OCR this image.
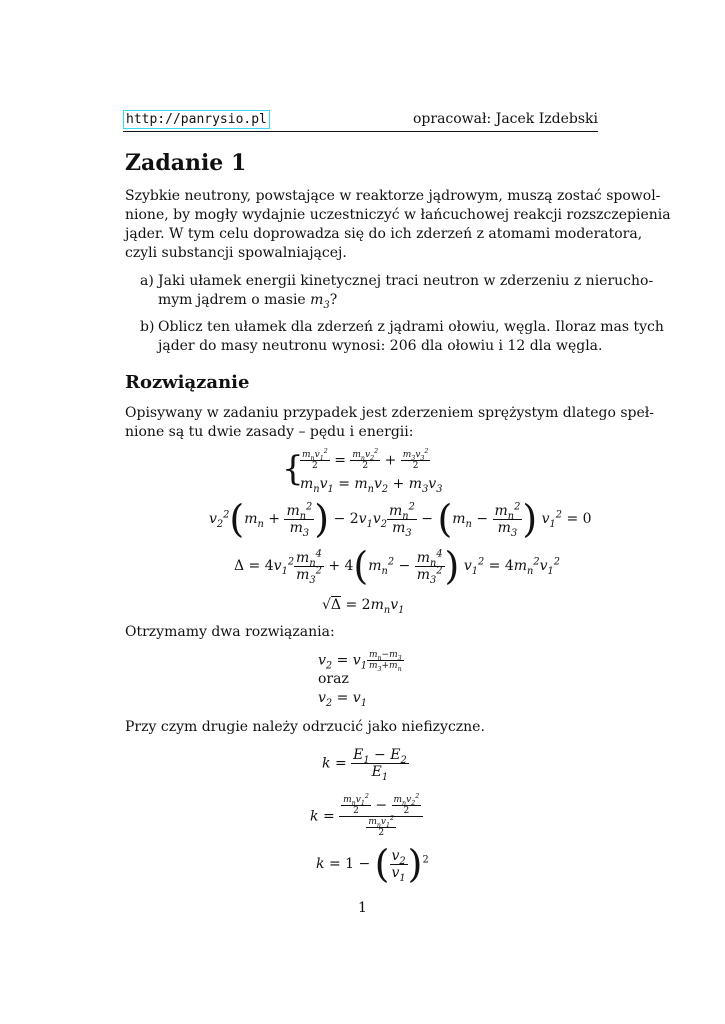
http://panrysio.pl	opracował: Jacek Izdebski
Zadanie 1
Szybkie neutrony, powstające w reaktorze jądrowym, muszą zostać spowol-
nione, by mogły wydajnie uczestniczyć w łańcuchowej reakcji rozszczepienia
jąder. W tym celu doprowadza się do ich zderzeń z atomami moderatora,
czyli substancji spowalniającej.
a) Jaki ułamek energii kinetycznej traci neutron w zderzeniu z nierucho-
mym jądrem o masie $m_3$?
b) Oblicz ten ułamek dla zderzeń z jądrami ołowiu, węgla. Iloraz mas tych
jąder do masy neutronu wynosi: 206 dla ołowiu i 12 dla węgla.
Rozwiązanie
Opisywany w zadaniu przypadek jest zderzeniem sprężystym dlatego speł-
nione są tu dwie zasady – pędu i energii:
{
$m_nv_1^2$
2	= $m_nv_2^2$
2	+ $\frac{m_3v_3^2}{2}$
$m_nv_1 = m_nv_2 + m_3v_3$
$v_2^2(m_n + \frac{m_n^2}{m_3}$ ) − $2v_1v_2 \frac{m_n^2}{m_3} - (m_n - \frac{m_n^2}{m_3}$ ) $v_1^2 = 0$
$\Delta = 4v_1^2 \frac{m_n^4}{m_3^2} + 4(m_n^2 - \frac{m_n^4}{m_3^2}$ ) $v_1^2 = 4m_n^2v_1^2$
$√\Delta = 2m_nv_1$
Otrzymamy dwa rozwiązania:
$v_2 = v_1 \frac{m_n-m_3}{m_3+m_n}$
oraz
$v_2 = v_1$
Przy czym drugie należy odrzucić jako niefizyczne.
$k = \frac{E_1 - E_2}{E_1}$
k =
$m_nv_1^2$
2	− $m_nv_2^2$
2
$m_nv_1^2$
2
k = 1 − ( $\frac{v_2}{v_1} )^2$
1
